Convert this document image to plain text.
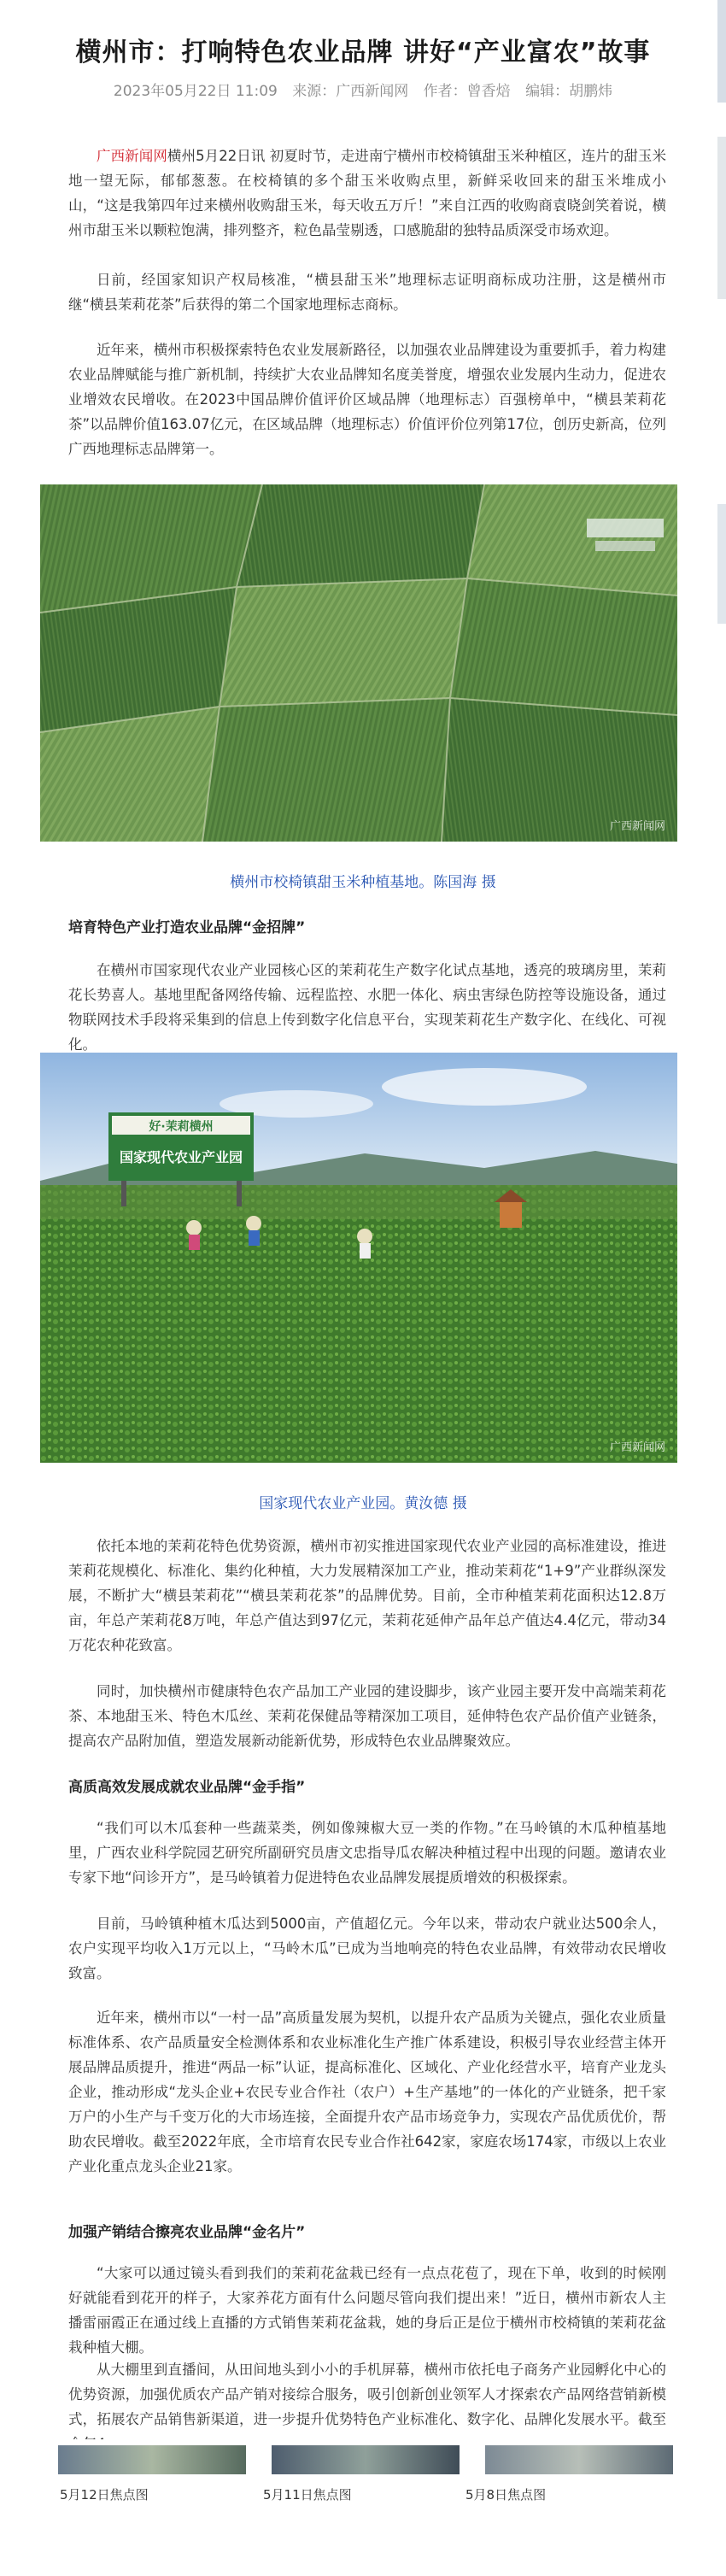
横州市：打响特色农业品牌 讲好“产业富农”故事
2023年05月22日 11:09 来源：广西新闻网 作者：曾香焙 编辑：胡鹏炜

广西新闻网横州5月22日讯 初夏时节，走进南宁横州市校椅镇甜玉米种植区，连片的甜玉米地一望无际，郁郁葱葱。在校椅镇的多个甜玉米收购点里，新鲜采收回来的甜玉米堆成小山，“这是我第四年过来横州收购甜玉米，每天收五万斤！”来自江西的收购商袁晓剑笑着说，横州市甜玉米以颗粒饱满，排列整齐，粒色晶莹剔透，口感脆甜的独特品质深受市场欢迎。

日前，经国家知识产权局核准，“横县甜玉米”地理标志证明商标成功注册，这是横州市继“横县茉莉花茶”后获得的第二个国家地理标志商标。

近年来，横州市积极探索特色农业发展新路径，以加强农业品牌建设为重要抓手，着力构建农业品牌赋能与推广新机制，持续扩大农业品牌知名度美誉度，增强农业发展内生动力，促进农业增效农民增收。在2023中国品牌价值评价区域品牌（地理标志）百强榜单中，“横县茉莉花茶”以品牌价值163.07亿元，在区域品牌（地理标志）价值评价位列第17位，创历史新高，位列广西地理标志品牌第一。

广西新闻网
横州市校椅镇甜玉米种植基地。陈国海 摄
培育特色产业打造农业品牌“金招牌”

在横州市国家现代农业产业园核心区的茉莉花生产数字化试点基地，透亮的玻璃房里，茉莉花长势喜人。基地里配备网络传输、远程监控、水肥一体化、病虫害绿色防控等设施设备，通过物联网技术手段将采集到的信息上传到数字化信息平台，实现茉莉花生产数字化、在线化、可视化。

好·茉莉横州
国家现代农业产业园
广西新闻网
国家现代农业产业园。黄汝德 摄

依托本地的茉莉花特色优势资源，横州市初实推进国家现代农业产业园的高标准建设，推进茉莉花规模化、标准化、集约化种植，大力发展精深加工产业，推动茉莉花“1+9”产业群纵深发展，不断扩大“横县茉莉花”“横县茉莉花茶”的品牌优势。目前，全市种植茉莉花面积达12.8万亩，年总产茉莉花8万吨，年总产值达到97亿元，茉莉花延伸产品年总产值达4.4亿元，带动34万花农种花致富。

同时，加快横州市健康特色农产品加工产业园的建设脚步，该产业园主要开发中高端茉莉花茶、本地甜玉米、特色木瓜丝、茉莉花保健品等精深加工项目，延伸特色农产品价值产业链条，提高农产品附加值，塑造发展新动能新优势，形成特色农业品牌聚效应。

高质高效发展成就农业品牌“金手指”

“我们可以木瓜套种一些蔬菜类，例如像辣椒大豆一类的作物。”在马岭镇的木瓜种植基地里，广西农业科学院园艺研究所副研究员唐文忠指导瓜农解决种植过程中出现的问题。邀请农业专家下地“问诊开方”，是马岭镇着力促进特色农业品牌发展提质增效的积极探索。

目前，马岭镇种植木瓜达到5000亩，产值超亿元。今年以来，带动农户就业达500余人，农户实现平均收入1万元以上，“马岭木瓜”已成为当地响亮的特色农业品牌，有效带动农民增收致富。

近年来，横州市以“一村一品”高质量发展为契机，以提升农产品质为关键点，强化农业质量标准体系、农产品质量安全检测体系和农业标准化生产推广体系建设，积极引导农业经营主体开展品牌品质提升，推进“两品一标”认证，提高标准化、区域化、产业化经营水平，培育产业龙头企业，推动形成“龙头企业+农民专业合作社（农户）+生产基地”的一体化的产业链条，把千家万户的小生产与千变万化的大市场连接，全面提升农产品市场竞争力，实现农产品优质优价，帮助农民增收。截至2022年底，全市培育农民专业合作社642家，家庭农场174家，市级以上农业产业化重点龙头企业21家。

加强产销结合擦亮农业品牌“金名片”

“大家可以通过镜头看到我们的茉莉花盆栽已经有一点点花苞了，现在下单，收到的时候刚好就能看到花开的样子，大家养花方面有什么问题尽管向我们提出来！”近日，横州市新农人主播雷丽霞正在通过线上直播的方式销售茉莉花盆栽，她的身后正是位于横州市校椅镇的茉莉花盆栽种植大棚。

从大棚里到直播间，从田间地头到小小的手机屏幕，横州市依托电子商务产业园孵化中心的优势资源，加强优质农产品产销对接综合服务，吸引创新创业领军人才探索农产品网络营销新模式，拓展农产品销售新渠道，进一步提升优势特色产业标准化、数字化、品牌化发展水平。截至

5月12日焦点图	5月11日焦点图	5月8日焦点图
